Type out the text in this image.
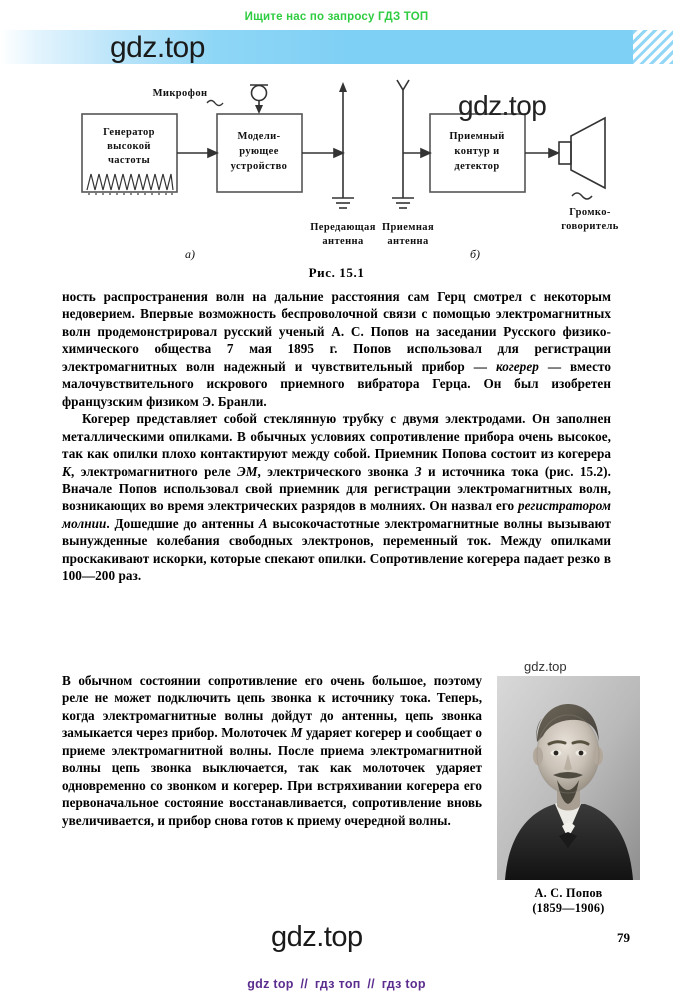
Ищите нас по запросу ГДЗ ТОП
gdz.top
Микрофон
Генератор
высокой
частоты
Модели-
рующее
устройство
Приемный
контур и
детектор
Передающая
антенна
Приемная
антенна
Громко-
говоритель
а)	б)
gdz.top
Рис. 15.1

ность распространения волн на дальние расстояния сам Герц смотрел с некоторым недоверием. Впервые возможность беспроволочной связи с помощью электромагнитных волн продемонстрировал русский ученый А. С. Попов на заседании Русского физико-химического общества 7 мая 1895 г. Попов использовал для регистрации электромагнитных волн надежный и чувствительный прибор — когерер — вместо малочувствительного искрового приемного вибратора Герца. Он был изобретен французским физиком Э. Бранли.

Когерер представляет собой стеклянную трубку с двумя электродами. Он заполнен металлическими опилками. В обычных условиях сопротивление прибора очень высокое, так как опилки плохо контактируют между собой. Приемник Попова состоит из когерера К, электромагнитного реле ЭМ, электрического звонка З и источника тока (рис. 15.2). Вначале Попов использовал свой приемник для регистрации электромагнитных волн, возникающих во время электрических разрядов в молниях. Он назвал его регистратором молнии. Дошедшие до антенны А высокочастотные электромагнитные волны вызывают вынужденные колебания свободных электронов, переменный ток. Между опилками проскакивают искорки, которые спекают опилки. Сопротивление когерера падает резко в 100—200 раз.

В обычном состоянии сопротивление его очень большое, поэтому реле не может подключить цепь звонка к источнику тока. Теперь, когда электромагнитные волны дойдут до антенны, цепь звонка замыкается через прибор. Молоточек М ударяет когерер и сообщает о приеме электромагнитной волны. После приема электромагнитной волны цепь звонка выключается, так как молоточек ударяет одновременно со звонком и когерер. При встряхивании когерера его первоначальное состояние восстанавливается, сопротивление вновь увеличивается, и прибор снова готов к приему очередной волны.

gdz.top
А. С. Попов
(1859—1906)
gdz.top	79
gdz top // гдз топ // гдз top
